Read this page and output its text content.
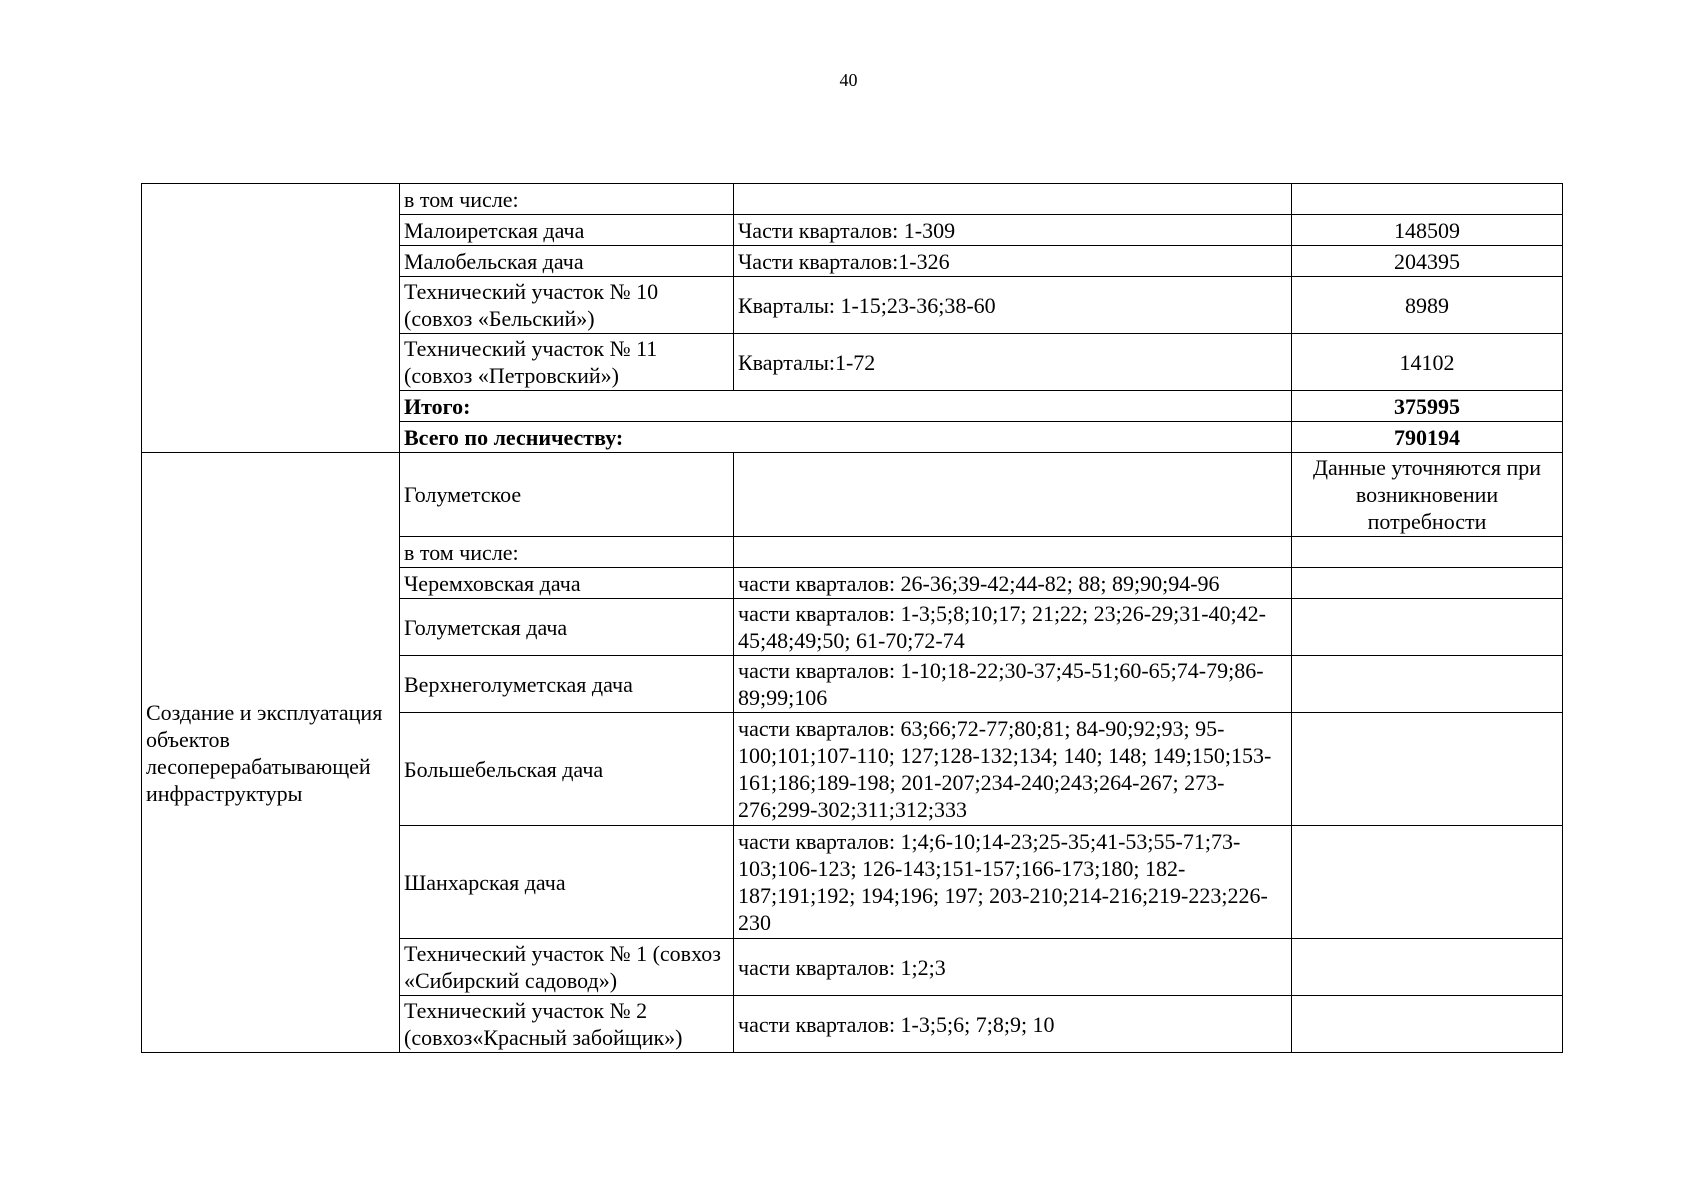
40
	в том числе:		
	Малоиретская дача	Части кварталов: 1-309	148509
	Малобельская дача	Части кварталов:1-326	204395
	Технический участок № 10 (совхоз «Бельский»)	Кварталы: 1-15;23-36;38-60	8989
	Технический участок № 11 (совхоз «Петровский»)	Кварталы:1-72	14102
	Итого:		375995
	Всего по лесничеству:		790194
Создание и эксплуатация объектов лесоперерабатывающей инфраструктуры	Голуметское		Данные уточняются при возникновении потребности
	в том числе:		
	Черемховская дача	части кварталов: 26-36;39-42;44-82; 88; 89;90;94-96	
	Голуметская дача	части кварталов: 1-3;5;8;10;17; 21;22; 23;26-29;31-40;42-45;48;49;50; 61-70;72-74	
	Верхнеголуметская дача	части кварталов: 1-10;18-22;30-37;45-51;60-65;74-79;86-89;99;106	
	Большебельская дача	части кварталов: 63;66;72-77;80;81; 84-90;92;93; 95-100;101;107-110; 127;128-132;134; 140; 148; 149;150;153-161;186;189-198; 201-207;234-240;243;264-267; 273-276;299-302;311;312;333	
	Шанхарская дача	части кварталов: 1;4;6-10;14-23;25-35;41-53;55-71;73-103;106-123; 126-143;151-157;166-173;180; 182-187;191;192; 194;196; 197; 203-210;214-216;219-223;226-230	
	Технический участок № 1 (совхоз «Сибирский садовод»)	части кварталов: 1;2;3	
	Технический участок № 2 (совхоз«Красный забойщик»)	части кварталов: 1-3;5;6; 7;8;9; 10	
